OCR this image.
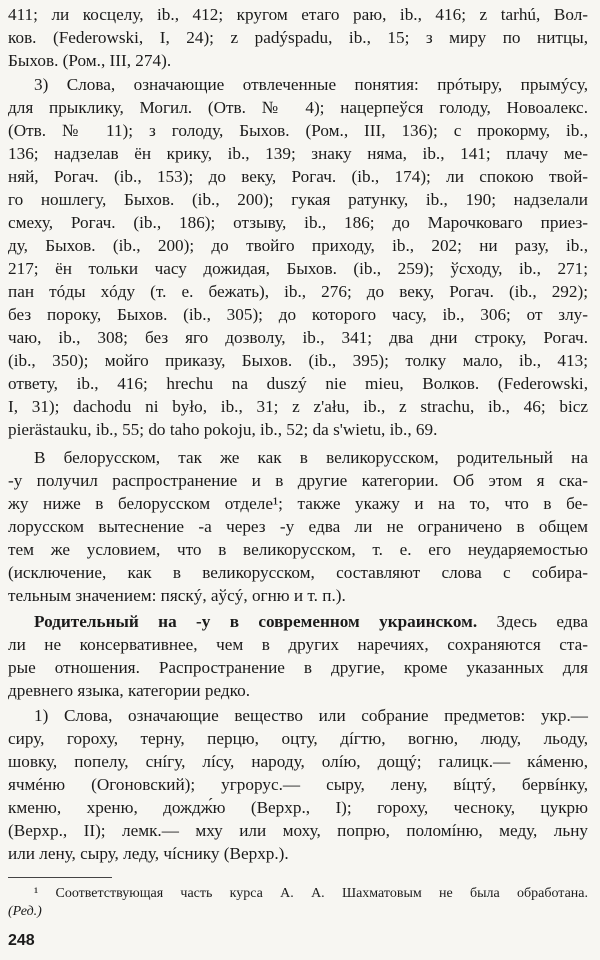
411; ли косцелу, ib., 412; кругом етаго раю, ib., 416; z tarhú, Вол-
ков. (Federowski, I, 24); z padýspadu, ib., 15; з миру по нитцы,
Быхов. (Ром., III, 274).
3) Слова, означающие отвлеченные понятия: прóтыру, прымýсу,
для прыклику, Могил. (Отв. № 4); нацерпеўся голоду, Новоалекс.
(Отв. № 11); з голоду, Быхов. (Ром., III, 136); с прокорму, ib.,
136; надзелав ён крику, ib., 139; знаку няма, ib., 141; плачу ме-
няй, Рогач. (ib., 153); до веку, Рогач. (ib., 174); ли спокою твой-
го ношлегу, Быхов. (ib., 200); гукая ратунку, ib., 190; надзелали
смеху, Рогач. (ib., 186); отзыву, ib., 186; до Марочковаго приез-
ду, Быхов. (ib., 200); до твойго приходу, ib., 202; ни разу, ib.,
217; ён тольки часу дожидая, Быхов. (ib., 259); ўсходу, ib., 271;
пан тóды хóду (т. е. бежать), ib., 276; до веку, Рогач. (ib., 292);
без пороку, Быхов. (ib., 305); до которого часу, ib., 306; от злу-
чаю, ib., 308; без яго дозволу, ib., 341; два дни строку, Рогач.
(ib., 350); мойго приказу, Быхов. (ib., 395); толку мало, ib., 413;
ответу, ib., 416; hrechu na duszý nie mieu, Волков. (Federowski,
I, 31); dachodu ni było, ib., 31; z z'ału, ib., z strachu, ib., 46; bicz
pierästauku, ib., 55; do taho pokoju, ib., 52; da s'wietu, ib., 69.
В белорусском, так же как в великорусском, родительный на
-у получил распространение и в другие категории. Об этом я ска-
жу ниже в белорусском отделе¹; также укажу и на то, что в бе-
лорусском вытеснение -а через -у едва ли не ограничено в общем
тем же условием, что в великорусском, т. е. его неударяемостью
(исключение, как в великорусском, составляют слова с собира-
тельным значением: пяскý, аўсý, огню и т. п.).
Родительный на -у в современном украинском. Здесь едва
ли не консервативнее, чем в других наречиях, сохраняются ста-
рые отношения. Распространение в другие, кроме указанных для
древнего языка, категории редко.
1) Слова, означающие вещество или собрание предметов: укр.—
сиру, гороху, терну, перцю, оцту, дíгтю, вогню, люду, льоду,
шовку, попелу, снíгу, лíсу, народу, олíю, дощý; галицк.— кáменю,
ячмéню (Огоновский); угрорус.— сыру, лену, вíцтý, бервíнку,
кменю, хреню, дождж́ю (Верхр., I); гороху, чесноку, цукрю
(Верхр., II); лемк.— мху или моху, попрю, поломíню, меду, льну
или лену, сыру, леду, чíснику (Верхр.).
¹ Соответствующая часть курса А. А. Шахматовым не была обработана.
(Ред.)
248
